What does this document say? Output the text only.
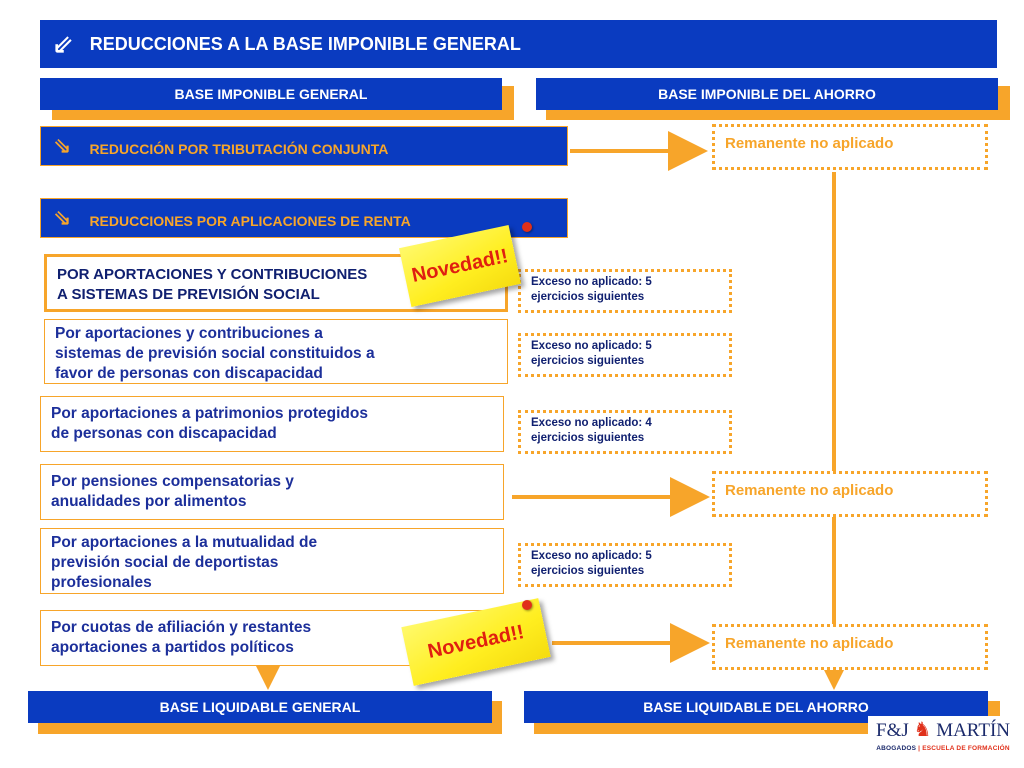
⇙ REDUCCIONES A LA BASE IMPONIBLE GENERAL
BASE IMPONIBLE GENERAL	BASE IMPONIBLE DEL AHORRO
⇘ REDUCCIÓN POR TRIBUTACIÓN CONJUNTA	Remanente no aplicado
⇘ REDUCCIONES POR APLICACIONES DE RENTA
POR APORTACIONES Y CONTRIBUCIONES
A SISTEMAS DE PREVISIÓN SOCIAL
Por aportaciones y contribuciones a
sistemas de previsión social constituidos a
favor de personas con discapacidad
Por aportaciones a patrimonios protegidos
de personas con discapacidad
Por pensiones compensatorias y
anualidades por alimentos
Por aportaciones a la mutualidad de
previsión social de deportistas
profesionales
Por cuotas de afiliación y restantes
aportaciones a partidos políticos
Exceso no aplicado: 5
ejercicios siguientes
Exceso no aplicado: 5
ejercicios siguientes
Exceso no aplicado: 4
ejercicios siguientes
Exceso no aplicado: 5
ejercicios siguientes
Remanente no aplicado
Remanente no aplicado
Novedad!!
Novedad!!
BASE LIQUIDABLE GENERAL	BASE LIQUIDABLE DEL AHORRO
F&J ♞ MARTÍN
ABOGADOS | ESCUELA DE FORMACIÓN
